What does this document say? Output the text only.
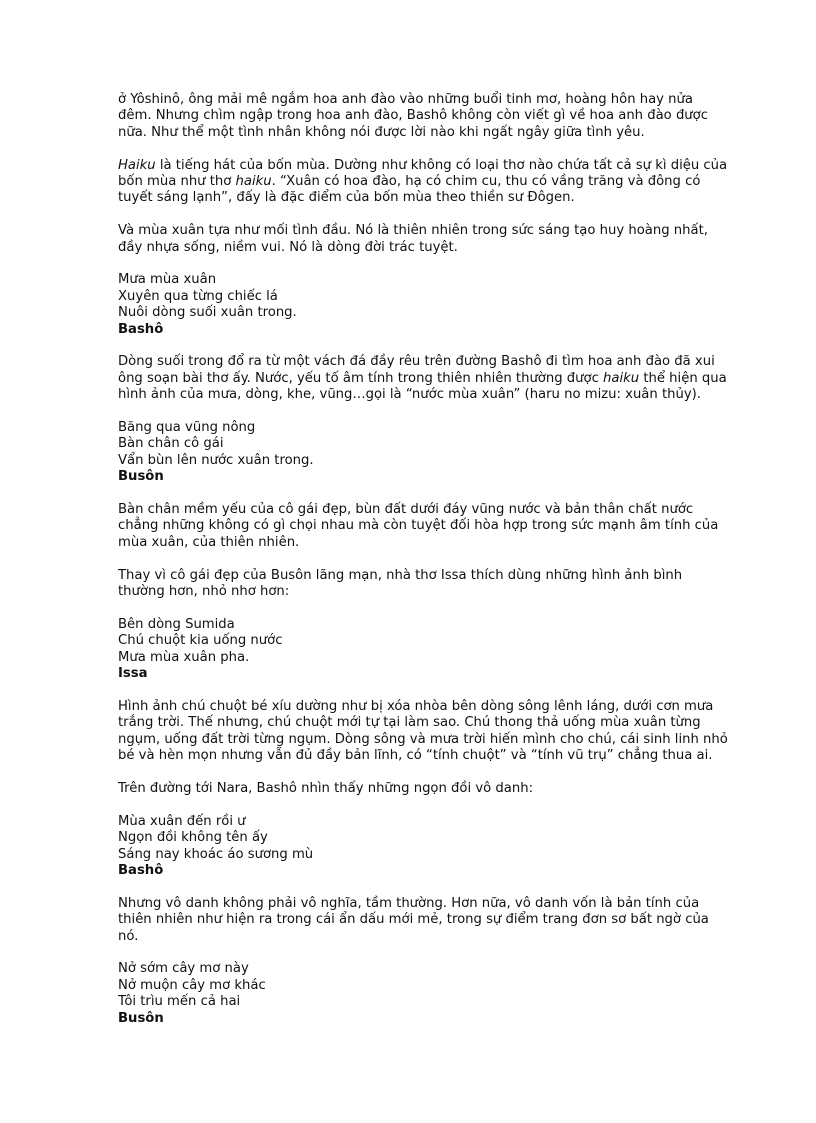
ở Yôshinô, ông mải mê ngắm hoa anh đào vào những buổi tinh mơ, hoàng hôn hay nửa
đêm. Nhưng chìm ngập trong hoa anh đào, Bashô không còn viết gì về hoa anh đào được
nữa. Như thể một tình nhân không nói được lời nào khi ngất ngây giữa tình yêu.

Haiku là tiếng hát của bốn mùa. Dường như không có loại thơ nào chứa tất cả sự kì diệu của
bốn mùa như thơ haiku. “Xuân có hoa đào, hạ có chim cu, thu có vầng trăng và đông có
tuyết sáng lạnh”, đấy là đặc điểm của bốn mùa theo thiền sư Đôgen.

Và mùa xuân tựa như mối tình đầu. Nó là thiên nhiên trong sức sáng tạo huy hoàng nhất,
đầy nhựa sống, niềm vui. Nó là dòng đời trác tuyệt.

Mưa mùa xuân
Xuyên qua từng chiếc lá
Nuôi dòng suối xuân trong.
Bashô

Dòng suối trong đổ ra từ một vách đá đầy rêu trên đường Bashô đi tìm hoa anh đào đã xui
ông soạn bài thơ ấy. Nước, yếu tố âm tính trong thiên nhiên thường được haiku thể hiện qua
hình ảnh của mưa, dòng, khe, vũng…gọi là “nước mùa xuân” (haru no mizu: xuân thủy).

Băng qua vũng nông
Bàn chân cô gái
Vẩn bùn lên nước xuân trong.
Busôn

Bàn chân mềm yếu của cô gái đẹp, bùn đất dưới đáy vũng nước và bản thân chất nước
chẳng những không có gì chọi nhau mà còn tuyệt đối hòa hợp trong sức mạnh âm tính của
mùa xuân, của thiên nhiên.

Thay vì cô gái đẹp của Busôn lãng mạn, nhà thơ Issa thích dùng những hình ảnh bình
thường hơn, nhỏ nhơ hơn:

Bên dòng Sumida
Chú chuột kia uống nước
Mưa mùa xuân pha.
Issa

Hình ảnh chú chuột bé xíu dường như bị xóa nhòa bên dòng sông lênh láng, dưới cơn mưa
trắng trời. Thế nhưng, chú chuột mới tự tại làm sao. Chú thong thả uống mùa xuân từng
ngụm, uống đất trời từng ngụm. Dòng sông và mưa trời hiến mình cho chú, cái sinh linh nhỏ
bé và hèn mọn nhưng vẫn đủ đầy bản lĩnh, có “tính chuột” và “tính vũ trụ” chẳng thua ai.

Trên đường tới Nara, Bashô nhìn thấy những ngọn đồi vô danh:

Mùa xuân đến rồi ư
Ngọn đồi không tên ấy
Sáng nay khoác áo sương mù
Bashô

Nhưng vô danh không phải vô nghĩa, tầm thường. Hơn nữa, vô danh vốn là bản tính của
thiên nhiên như hiện ra trong cái ẩn dấu mới mẻ, trong sự điểm trang đơn sơ bất ngờ của
nó.

Nở sớm cây mơ này
Nở muộn cây mơ khác
Tôi trìu mến cả hai
Busôn
